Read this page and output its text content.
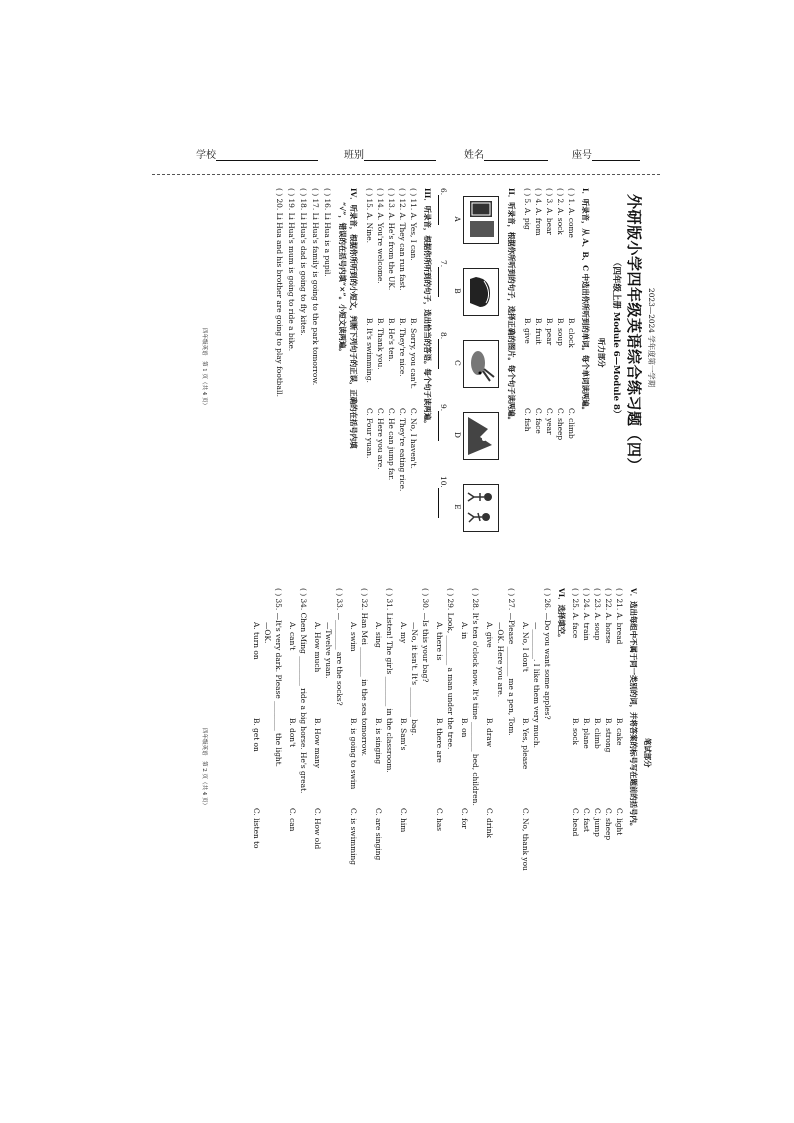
学校	班别	姓名	座号
2023—2024 学年度第一学期
外研版小学四年级英语综合练习题（四）
（四年级上册 Module 6—Module 8）
听力部分
I．听录音，从 A、B、C 中选出你所听到的单词。每个单词读两遍。
( ) 1. A. come
B. clock
C. climb
( ) 2. A. sock
B. soup
C. sheep
( ) 3. A. bear
B. pear
C. year
( ) 4. A. from
B. fruit
C. face
( ) 5. A. pig
B. give
C. fish
II．听录音，根据你所听到的句子，选择正确的图片。每个句子读两遍。
A
B
C
D
E
6.
7.
8.
9.
10.
III．听录音，根据你所听到的句子，选出恰当的答语。每个句子读两遍。
( ) 11. A. Yes, I can.
B. Sorry, you can't.
C. No, I haven't.
( ) 12. A. They can run fast.
B. They're nice.
C. They're eating rice.
( ) 13. A. He's from the UK.
B. He's ten.
C. He can jump far.
( ) 14. A. You're welcome.
B. Thank you.
C. Here you are.
( ) 15. A. Nine.
B. It's swimming.
C. Four yuan.
IV．听录音，根据你所听到的小短文，判断下列句子的正误，正确的在括号内填
“√”，错误的在括号内填“×”。小短文读两遍。
( ) 16. Li Hua is a pupil.
( ) 17. Li Hua's family is going to the park tomorrow.
( ) 18. Li Hua's dad is going to fly kites.
( ) 19. Li Hua's mum is going to ride a bike.
( ) 20. Li Hua and his brother are going to play football.
四年级英语　第 1 页（共 4 页）
笔试部分
V．选出每组中不属于同一类别的词，并将答案的标号写在题前的括号内。
( ) 21. A. bread
B. cake
C. light
( ) 22. A. horse
B. strong
C. sheep
( ) 23. A. soup
B. climb
C. jump
( ) 24. A. train
B. plane
C. fast
( ) 25. A. face
B. sock
C. head
VI．选择填空。
( ) 26. —Do you want some apples?
—________. I like them very much.
A. No, I don't
B. Yes, please
C. No, thank you
( ) 27. —Please ________ me a pen, Tom.
—OK. Here you are.
A. give
B. draw
C. drink
( ) 28. It's ten o'clock now. It's time ________ bed, children.
A. in
B. on
C. for
( ) 29. Look, ________ a man under the tree.
A. there is
B. there are
C. has
( ) 30. —Is this your bag?
—No, it isn't. It's ________ bag.
A. my
B. Sam's
C. him
( ) 31. Listen! The girls ________ in the classroom.
A. sing
B. is singing
C. are singing
( ) 32. Han Mei ________ in the sea tomorrow.
A. swim
B. is going to swim
C. is swimming
( ) 33. —________ are the socks?
—Twelve yuan.
A. How much
B. How many
C. How old
( ) 34. Chen Ming ________ ride a big horse. He's great.
A. can't
B. don't
C. can
( ) 35. —It's very dark. Please ________ the light.
—OK.
A. turn on
B. get on
C. listen to
四年级英语　第 2 页（共 4 页）
